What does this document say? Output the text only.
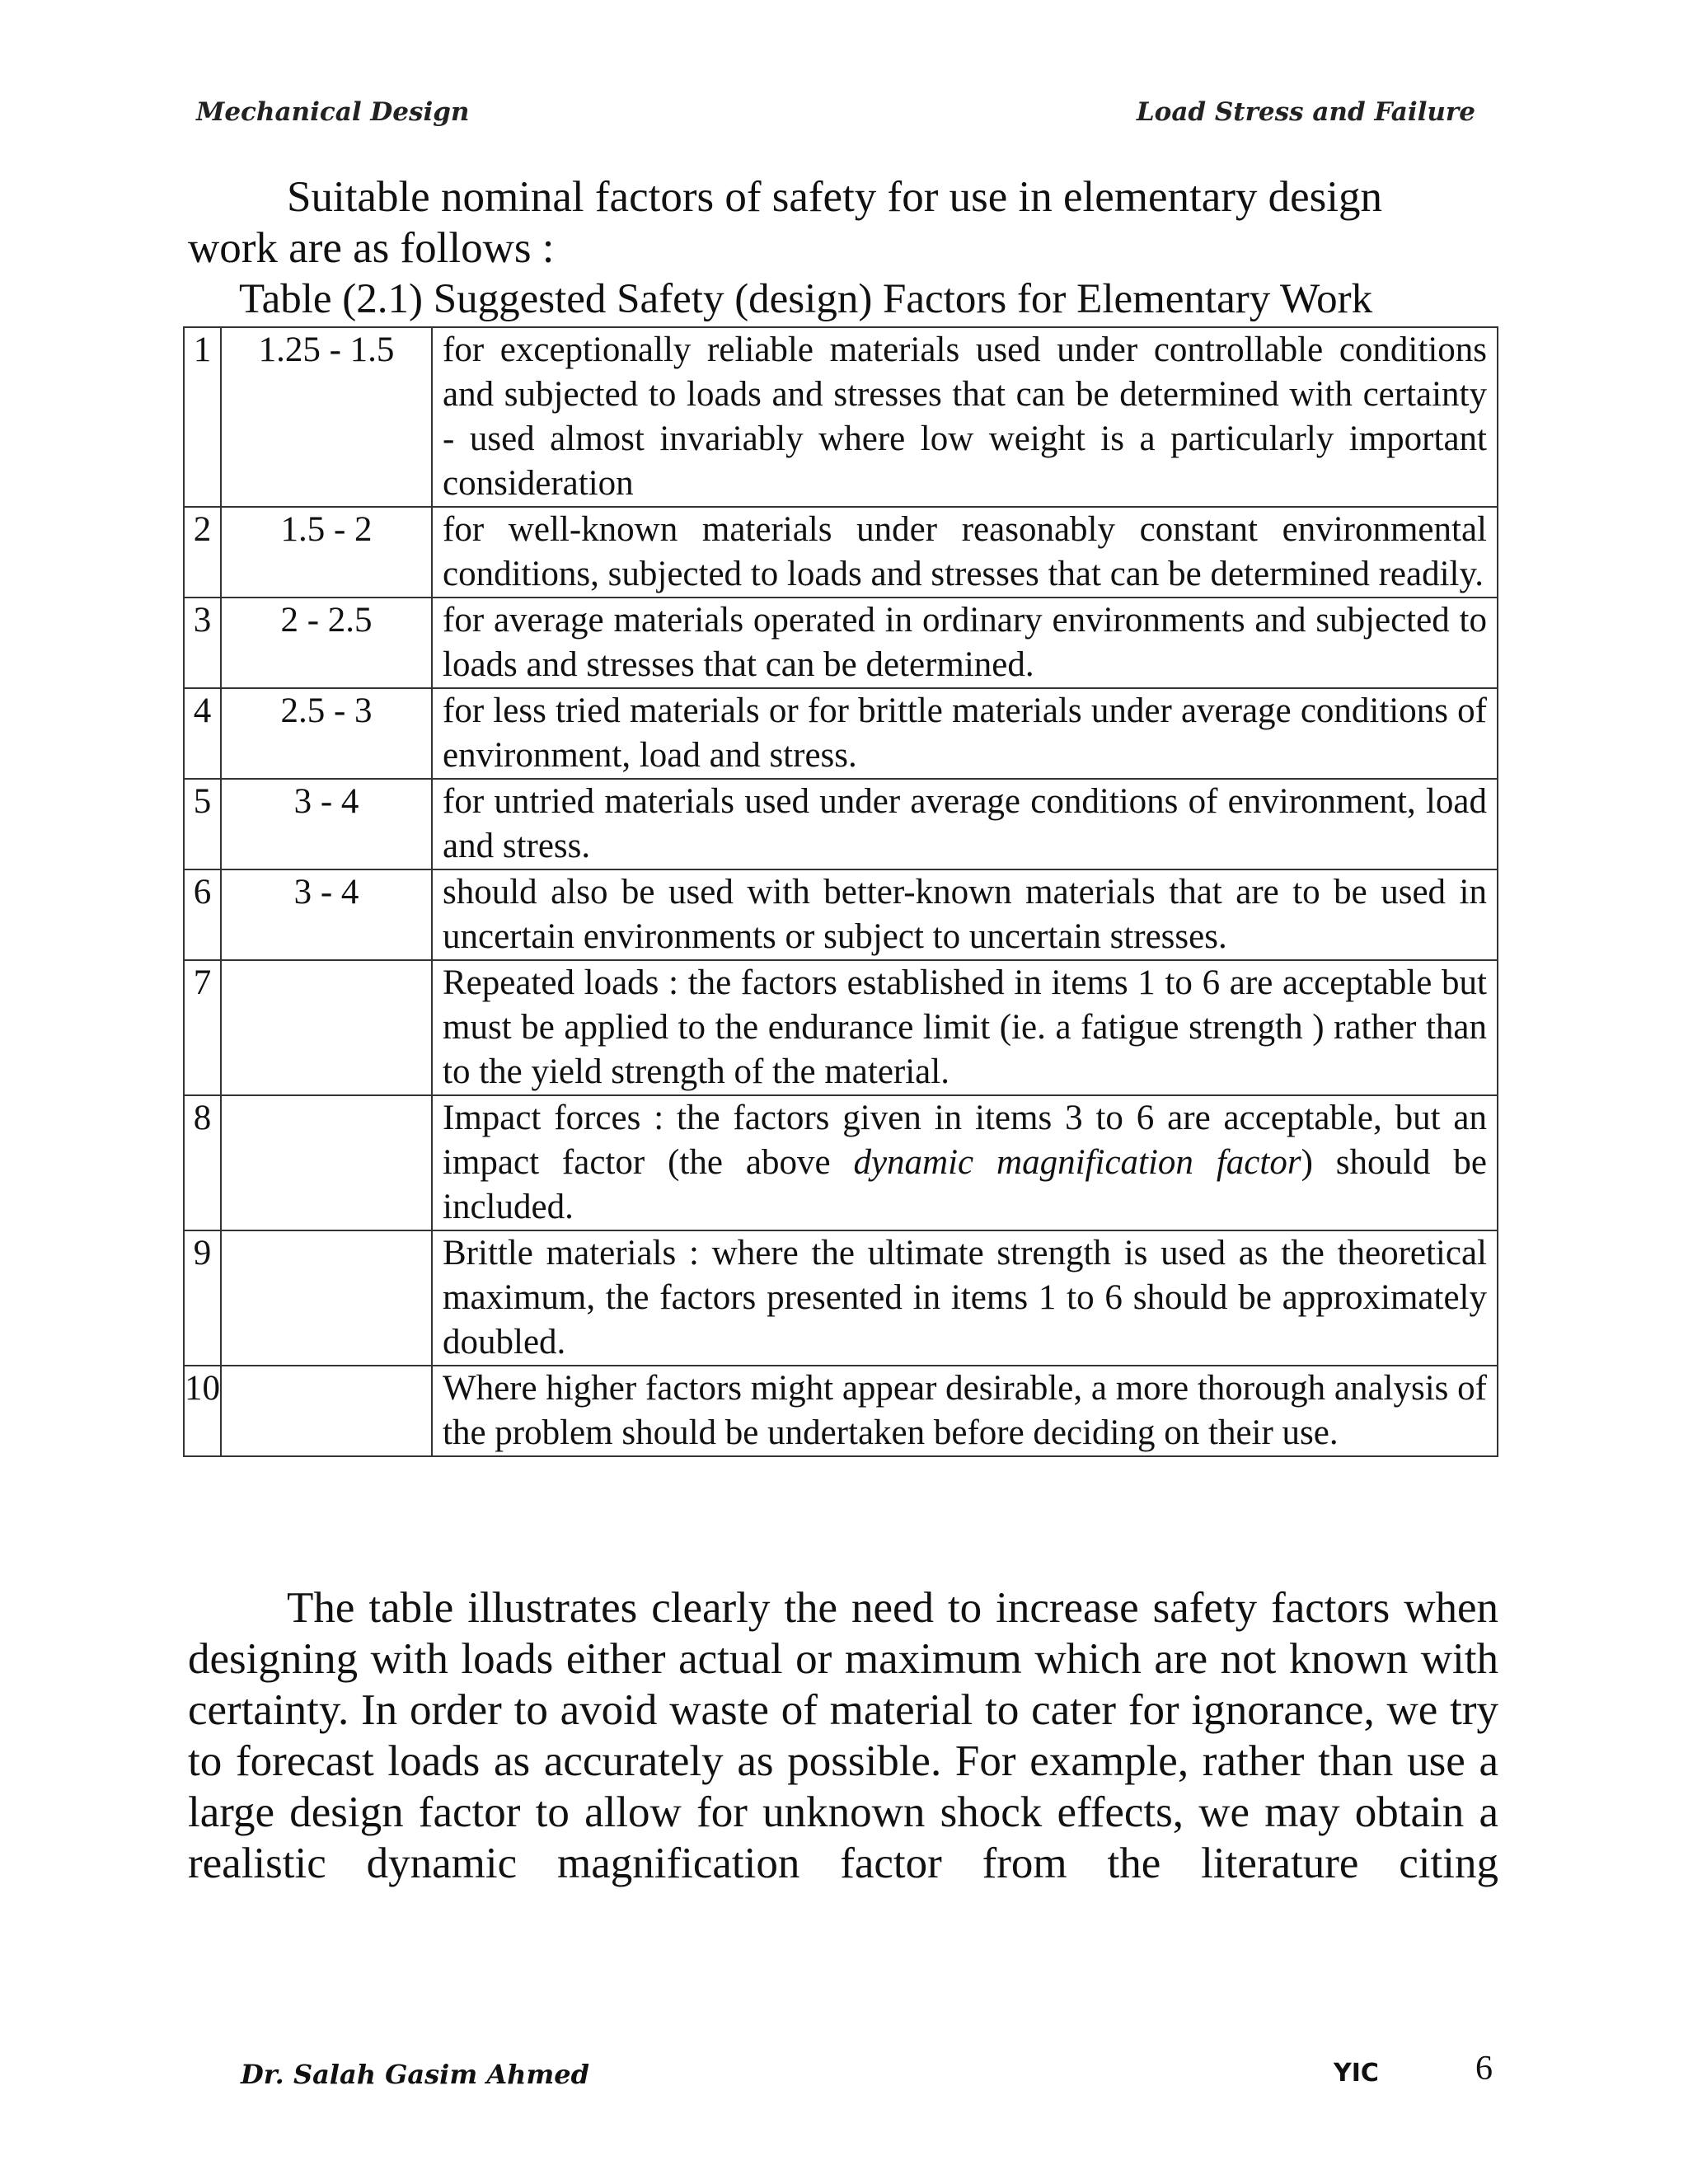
Mechanical Design	Load Stress and Failure
Suitable nominal factors of safety for use in elementary design
work are as follows :
Table (2.1) Suggested Safety (design) Factors for Elementary Work
1	1.25 - 1.5	for exceptionally reliable materials used under controllable conditions and subjected to loads and stresses that can be determined with certainty - used almost invariably where low weight is a particularly important consideration
2	1.5 - 2	for well-known materials under reasonably constant environmental conditions, subjected to loads and stresses that can be determined readily.
3	2 - 2.5	for average materials operated in ordinary environments and subjected to loads and stresses that can be determined.
4	2.5 - 3	for less tried materials or for brittle materials under average conditions of environment, load and stress.
5	3 - 4	for untried materials used under average conditions of environment, load and stress.
6	3 - 4	should also be used with better-known materials that are to be used in uncertain environments or subject to uncertain stresses.
7		Repeated loads : the factors established in items 1 to 6 are acceptable but must be applied to the endurance limit (ie. a fatigue strength ) rather than to the yield strength of the material.
8		Impact forces : the factors given in items 3 to 6 are acceptable, but an impact factor (the above dynamic magnification factor) should be included.
9		Brittle materials : where the ultimate strength is used as the theoretical maximum, the factors presented in items 1 to 6 should be approximately doubled.
10		Where higher factors might appear desirable, a more thorough analysis of the problem should be undertaken before deciding on their use.
The table illustrates clearly the need to increase safety factors when designing with loads either actual or maximum which are not known with certainty. In order to avoid waste of material to cater for ignorance, we try to forecast loads as accurately as possible. For example, rather than use a large design factor to allow for unknown shock effects, we may obtain a realistic dynamic magnification factor from the literature citing
Dr. Salah Gasim Ahmed	YIC	6
